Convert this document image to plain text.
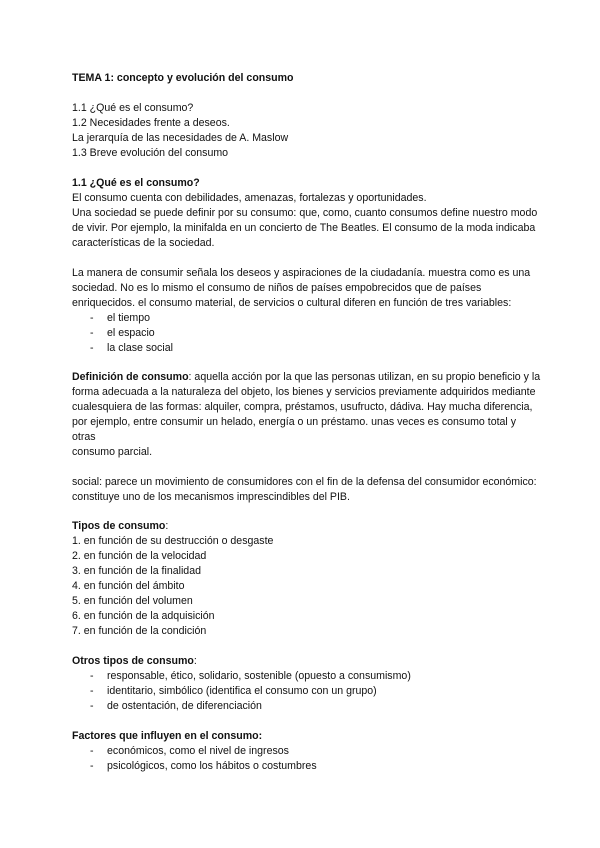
TEMA 1: concepto y evolución del consumo

1.1 ¿Qué es el consumo?

1.2 Necesidades frente a deseos.

La jerarquía de las necesidades de A. Maslow

1.3 Breve evolución del consumo

1.1 ¿Qué es el consumo?

El consumo cuenta con debilidades, amenazas, fortalezas y oportunidades.

Una sociedad se puede definir por su consumo: que, como, cuanto consumos define nuestro modo de vivir. Por ejemplo, la minifalda en un concierto de The Beatles. El consumo de la moda indicaba características de la sociedad.

La manera de consumir señala los deseos y aspiraciones de la ciudadanía. muestra como es una sociedad. No es lo mismo el consumo de niños de países empobrecidos que de países enriquecidos. el consumo material, de servicios o cultural diferen en función de tres variables:

- el tiempo
- el espacio
- la clase social

Definición de consumo: aquella acción por la que las personas utilizan, en su propio beneficio y la forma adecuada a la naturaleza del objeto, los bienes y servicios previamente adquiridos mediante cualesquiera de las formas: alquiler, compra, préstamos, usufructo, dádiva. Hay mucha diferencia, por ejemplo, entre consumir un helado, energía o un préstamo. unas veces es consumo total y otras

consumo parcial.

social: parece un movimiento de consumidores con el fin de la defensa del consumidor económico: constituye uno de los mecanismos imprescindibles del PIB.

Tipos de consumo:

1. en función de su destrucción o desgaste

2. en función de la velocidad

3. en función de la finalidad

4. en función del ámbito

5. en función del volumen

6. en función de la adquisición

7. en función de la condición

Otros tipos de consumo:

- responsable, ético, solidario, sostenible (opuesto a consumismo)
- identitario, simbólico (identifica el consumo con un grupo)
- de ostentación, de diferenciación

Factores que influyen en el consumo:

- económicos, como el nivel de ingresos
- psicológicos, como los hábitos o costumbres
